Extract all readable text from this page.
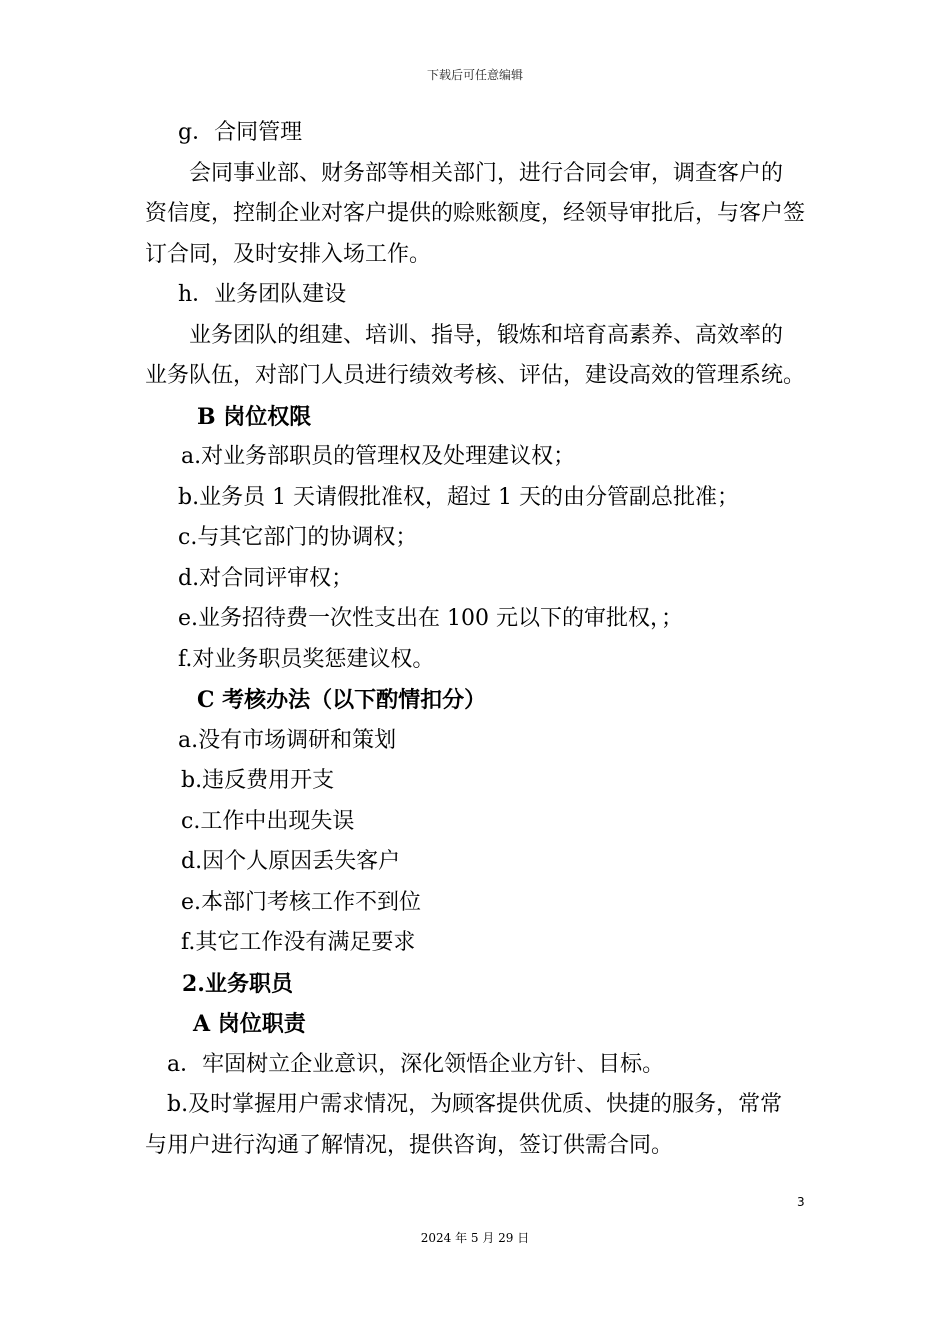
下载后可任意编辑
g．合同管理
会同事业部、财务部等相关部门，进行合同会审，调查客户的
资信度，控制企业对客户提供的赊账额度，经领导审批后，与客户签
订合同，及时安排入场工作。
h．业务团队建设
业务团队的组建、培训、指导，锻炼和培育高素养、高效率的
业务队伍，对部门人员进行绩效考核、评估，建设高效的管理系统。
B 岗位权限
a.对业务部职员的管理权及处理建议权；
b.业务员 1 天请假批准权，超过 1 天的由分管副总批准；
c.与其它部门的协调权；
d.对合同评审权；
e.业务招待费一次性支出在 100 元以下的审批权，；
f.对业务职员奖惩建议权。
C 考核办法（以下酌情扣分）
a.没有市场调研和策划
b.违反费用开支
c.工作中出现失误
d.因个人原因丢失客户
e.本部门考核工作不到位
f.其它工作没有满足要求
2.业务职员
A 岗位职责
a．牢固树立企业意识，深化领悟企业方针、目标。
b.及时掌握用户需求情况，为顾客提供优质、快捷的服务，常常
与用户进行沟通了解情况，提供咨询，签订供需合同。
3
2024 年 5 月 29 日
